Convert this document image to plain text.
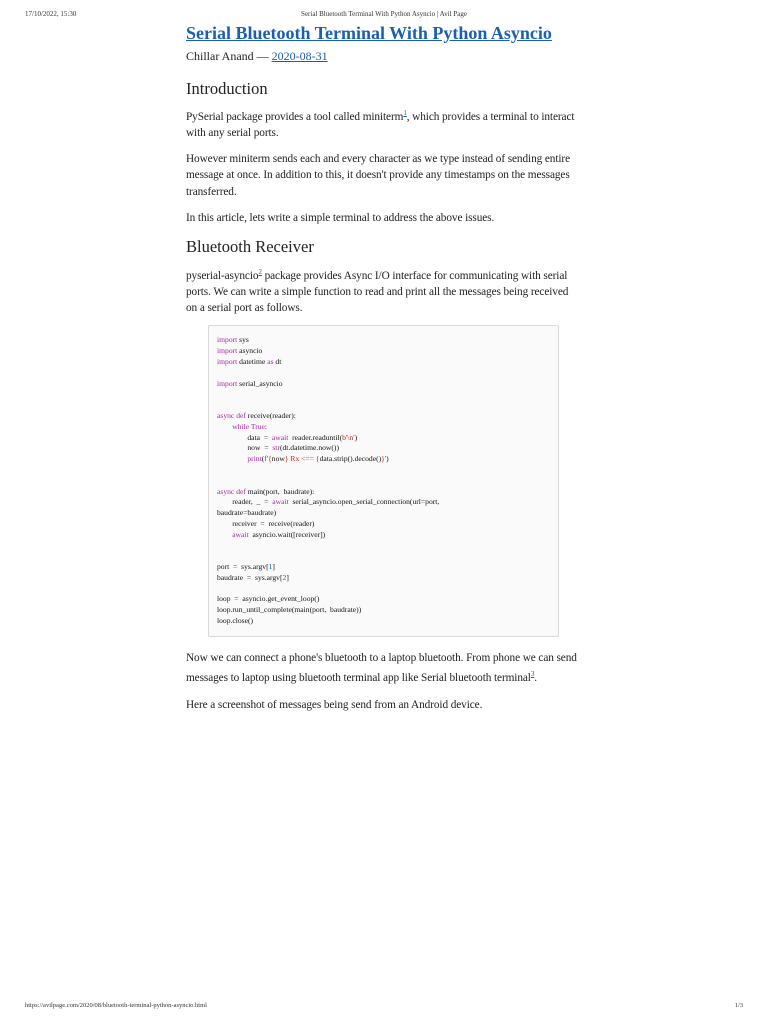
17/10/2022, 15:30	Serial Bluetooth Terminal With Python Asyncio | Avil Page
Serial Bluetooth Terminal With Python Asyncio
Chillar Anand — 2020-08-31
Introduction

PySerial package provides a tool called miniterm$^1$, which provides a terminal to interact with any serial ports.

However miniterm sends each and every character as we type instead of sending entire message at once. In addition to this, it doesn't provide any timestamps on the messages transferred.

In this article, lets write a simple terminal to address the above issues.

Bluetooth Receiver

pyserial-asyncio$^2$ package provides Async I/O interface for communicating with serial ports. We can write a simple function to read and print all the messages being received on a serial port as follows.

import sys
import asyncio
import datetime as dt
import serial_asyncio
async def receive(reader):
while True:
data  =  await  reader.readuntil(b'\n')
now  =  str(dt.datetime.now())
print(f'{now} Rx <== {data.strip().decode()}')
async def main(port,  baudrate):
reader,  _  =  await  serial_asyncio.open_serial_connection(url=port,
baudrate=baudrate)
receiver  =  receive(reader)
await  asyncio.wait([receiver])
port  =  sys.argv[1]
baudrate  =  sys.argv[2]
loop  =  asyncio.get_event_loop()
loop.run_until_complete(main(port,  baudrate))
loop.close()

Now we can connect a phone's bluetooth to a laptop bluetooth. From phone we can send messages to laptop using bluetooth terminal app like Serial bluetooth terminal$^3$.

Here a screenshot of messages being send from an Android device.

https://avilpage.com/2020/08/bluetooth-terminal-python-asyncio.html	1/3
